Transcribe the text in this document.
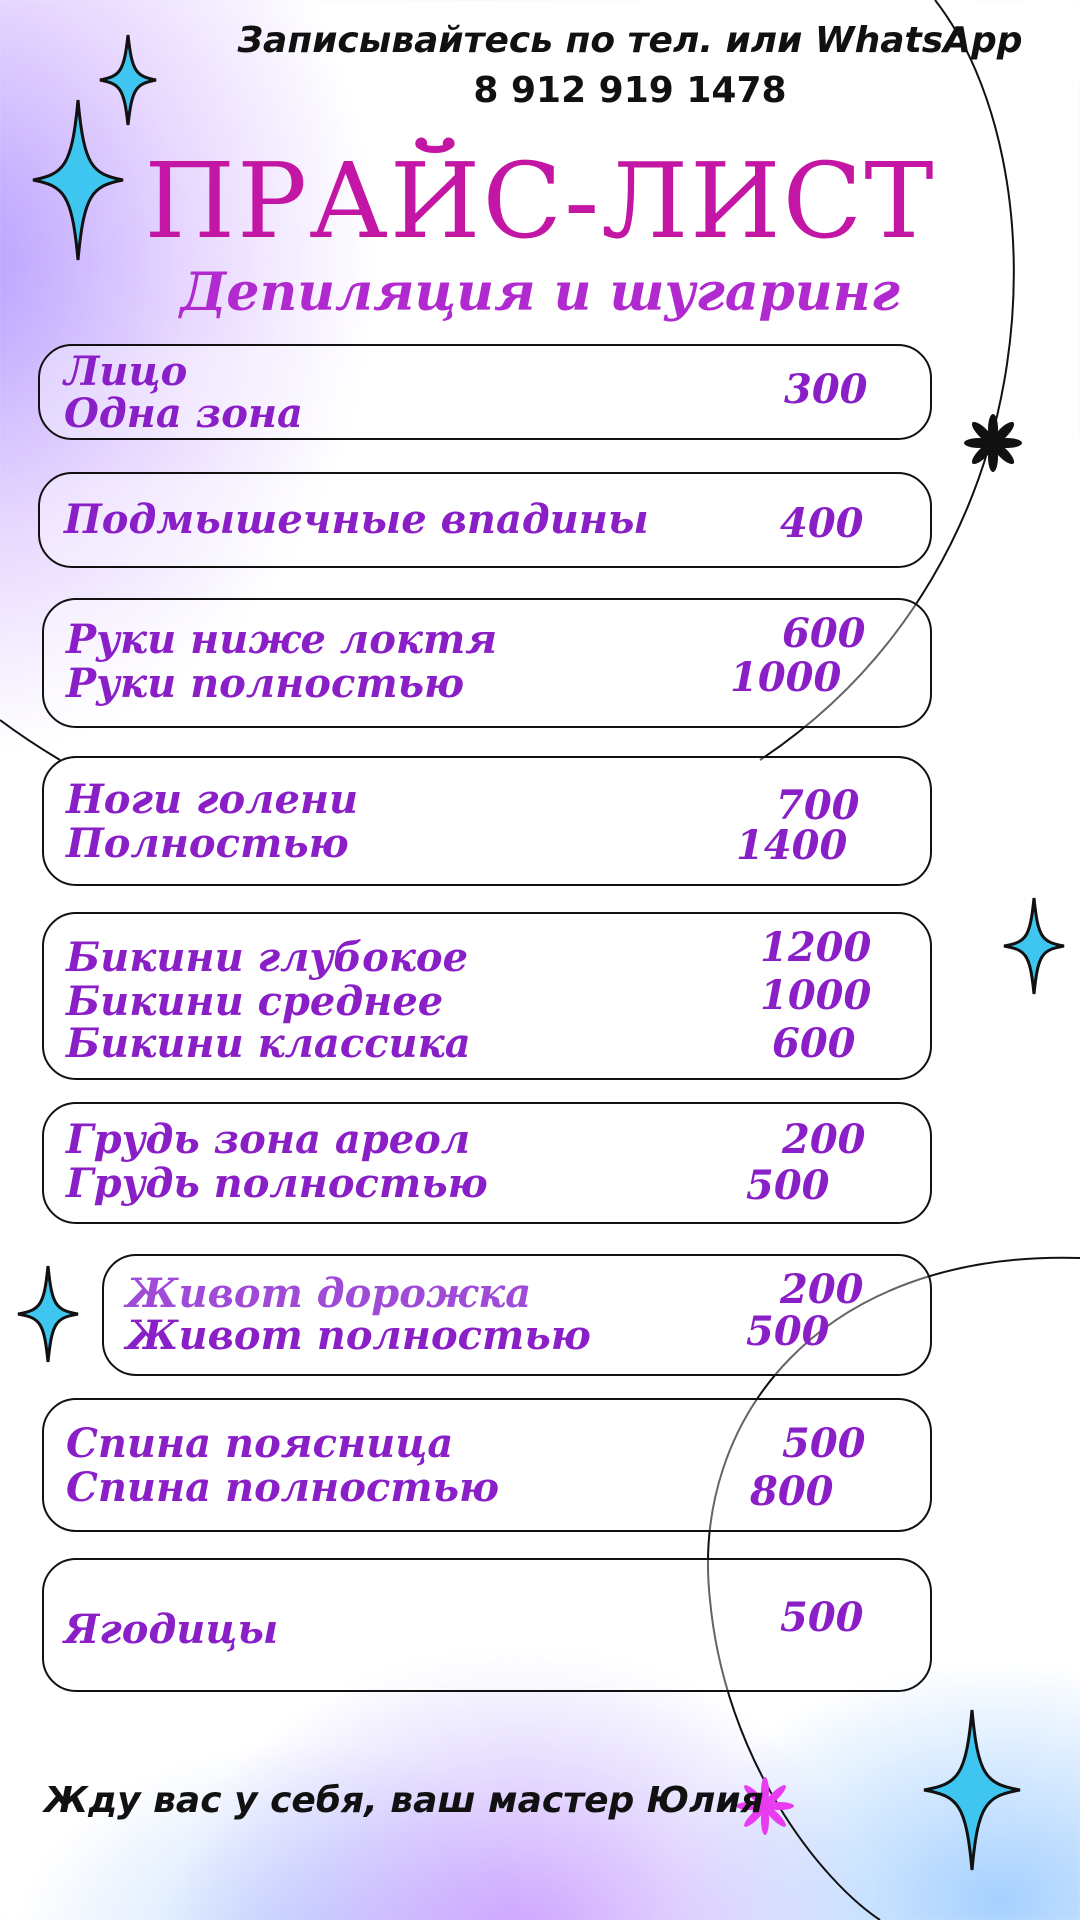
Записывайтесь по тел. или WhatsApp
8 912 919 1478
ПРАЙС-ЛИСТ
Депиляция и шугаринг
Лицо
Одна зона
300
Подмышечные впадины	400
Руки ниже локтя
Руки полностью
600
1000
Ноги голени
Полностью
700
1400
Бикини глубокое
Бикини среднее
Бикини классика
1200
1000
600
Грудь зона ареол
Грудь полностью
200
500
Живот дорожка
Живот полностью
200
500
Спина поясница
Спина полностью
500
800
Ягодицы	500
Жду вас у себя, ваш мастер Юлия
